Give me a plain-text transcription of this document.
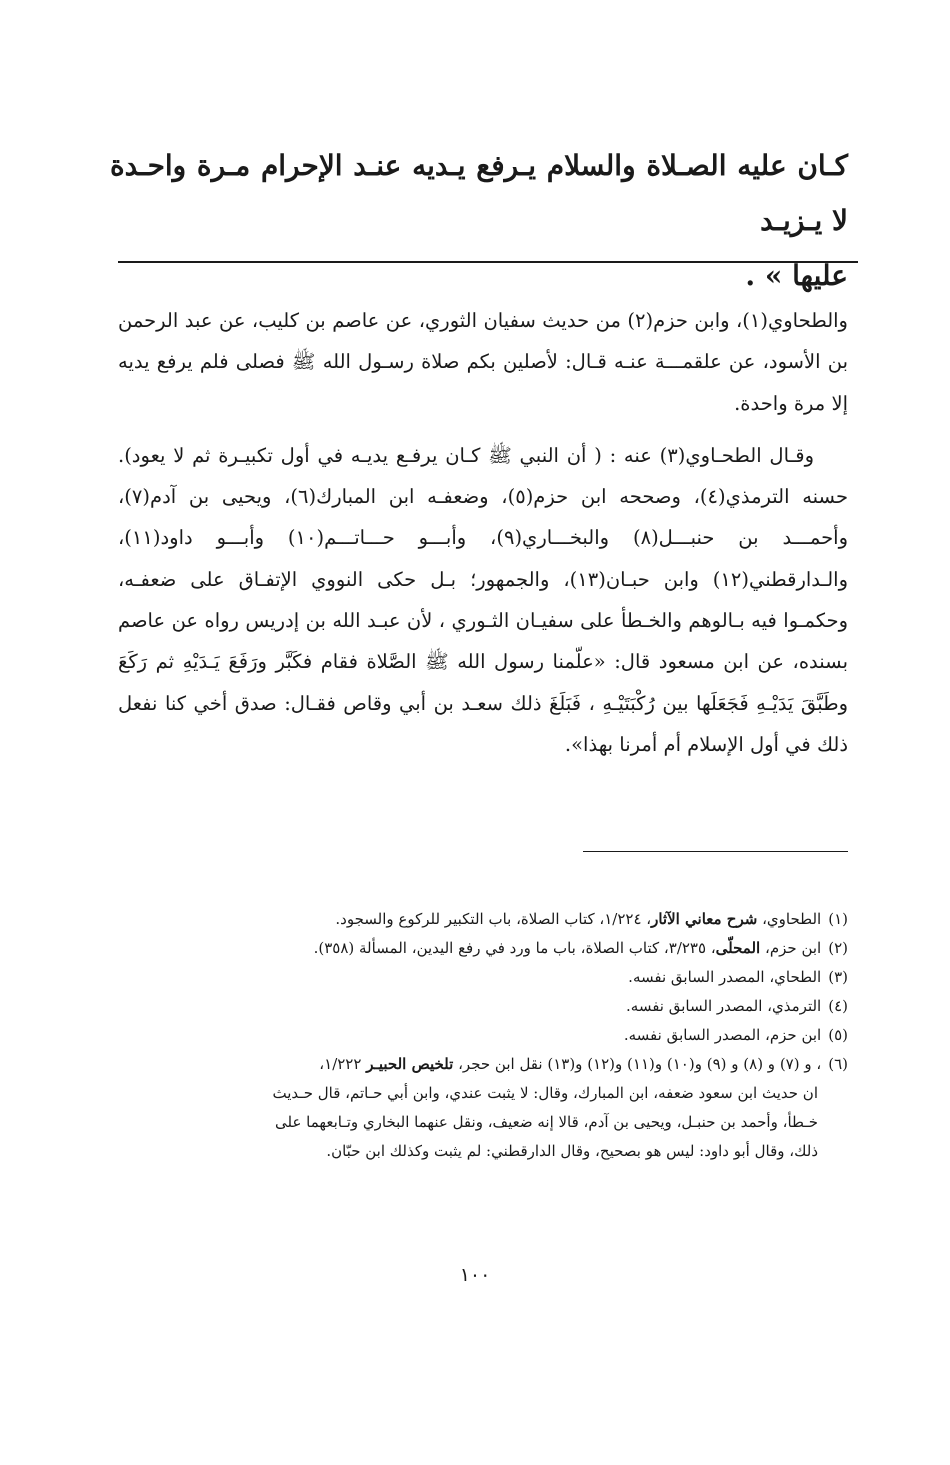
كـان عليه الصـلاة والسلام يـرفع يـديه عنـد الإحرام مـرة واحـدة لا يـزيـد
عليها » .
والطحاوي(١)، وابن حزم(٢) من حديث سفيان الثوري، عن عاصم بن كليب، عن عبد الرحمن بن الأسود، عن علقمـــة عنـه قـال: لأصلين بكم صلاة رسـول الله ﷺ فصلى فلم يرفع يديه إلا مرة واحدة.
وقـال الطحـاوي(٣) عنه : ( أن النبي ﷺ كـان يرفـع يديـه في أول تكبيـرة ثم لا يعود). حسنه الترمذي(٤)، وصححه ابن حزم(٥)، وضعفـه ابن المبارك(٦)، ويحيى بن آدم(٧)، وأحمـــد بن حنبـــل(٨) والبخـــاري(٩)، وأبـــو حـــاتـــم(١٠) وأبـــو داود(١١)، والـدارقطني(١٢) وابن حبـان(١٣)، والجمهور؛ بـل حكى النووي الإتفـاق على ضعفـه، وحكمـوا فيه بـالوهم والخـطأ على سفيـان الثـوري ، لأن عبـد الله بن إدريس رواه عن عاصم بسنده، عن ابن مسعود قال: «علّمنا رسول الله ﷺ الصَّلاة فقام فكَبَّر ورَفَعَ يَـدَيْهِ ثم رَكَعَ وطَبَّقَ يَدَيْـهِ فَجَعَلَها بين رُكْبَتَيْـهِ ، فَبَلَغَ ذلك سعـد بن أبي وقاص فقـال: صدق أخي كنا نفعل ذلك في أول الإسلام أم أمرنا بهذا».

(١) الطحاوي، شرح معاني الآثار، ١/٢٢٤، كتاب الصلاة، باب التكبير للركوع والسجود.

(٢) ابن حزم، المحلّى، ٣/٢٣٥، كتاب الصلاة، باب ما ورد في رفع اليدين، المسألة (٣٥٨).

(٣) الطحاي، المصدر السابق نفسه.

(٤) الترمذي، المصدر السابق نفسه.

(٥) ابن حزم، المصدر السابق نفسه.

(٦) ، و (٧) و (٨) و (٩) و(١٠) و(١١) و(١٢) و(١٣) نقل ابن حجر، تلخيص الحبيـر ١/٢٢٢،
ان حديث ابن سعود ضعفه، ابن المبارك، وقال: لا يثبت عندي، وابن أبي حـاتم، قال حـديث
خـطأ، وأحمد بن حنبـل، ويحيى بن آدم، قالا إنه ضعيف، ونقل عنهما البخاري وتـابعهما على
ذلك، وقال أبو داود: ليس هو بصحيح، وقال الدارقطني: لم يثبت وكذلك ابن حبّان.

١٠٠
